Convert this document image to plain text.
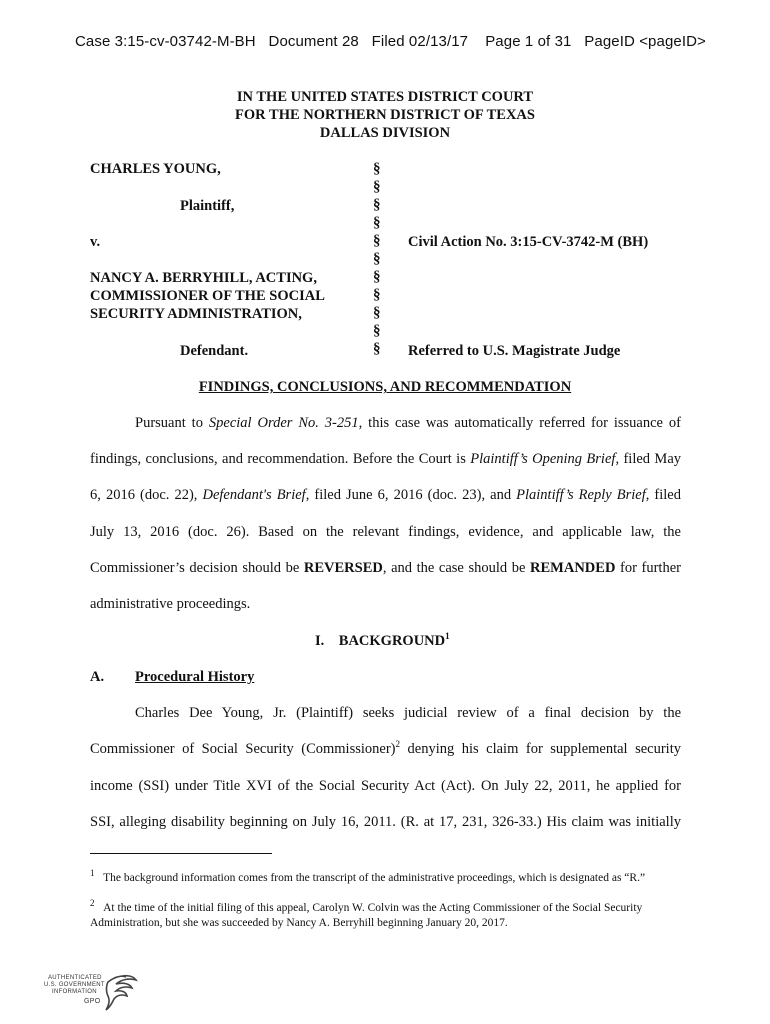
Case 3:15-cv-03742-M-BH Document 28 Filed 02/13/17 Page 1 of 31 PageID <pageID>
IN THE UNITED STATES DISTRICT COURT
FOR THE NORTHERN DISTRICT OF TEXAS
DALLAS DIVISION
CHARLES YOUNG,
Plaintiff,
v.
NANCY A. BERRYHILL, ACTING,
COMMISSIONER OF THE SOCIAL
SECURITY ADMINISTRATION,
Defendant.
§
§
§
§
§
§
§
§
§
§
§
Civil Action No. 3:15-CV-3742-M (BH)
Referred to U.S. Magistrate Judge
FINDINGS, CONCLUSIONS, AND RECOMMENDATION
Pursuant to Special Order No. 3-251, this case was automatically referred for issuance of
findings, conclusions, and recommendation. Before the Court is Plaintiff’s Opening Brief, filed May
6, 2016 (doc. 22), Defendant's Brief, filed June 6, 2016 (doc. 23), and Plaintiff’s Reply Brief, filed
July 13, 2016 (doc. 26). Based on the relevant findings, evidence, and applicable law, the
Commissioner’s decision should be REVERSED, and the case should be REMANDED for further
administrative proceedings.
I. BACKGROUND$^1$
A. Procedural History
Charles Dee Young, Jr. (Plaintiff) seeks judicial review of a final decision by the
Commissioner of Social Security (Commissioner)$^2$ denying his claim for supplemental security
income (SSI) under Title XVI of the Social Security Act (Act). On July 22, 2011, he applied for
SSI, alleging disability beginning on July 16, 2011. (R. at 17, 231, 326-33.) His claim was initially
$^1$ The background information comes from the transcript of the administrative proceedings, which is designated as “R.”
$^2$ At the time of the initial filing of this appeal, Carolyn W. Colvin was the Acting Commissioner of the Social Security
Administration, but she was succeeded by Nancy A. Berryhill beginning January 20, 2017.
AUTHENTICATED
U.S. GOVERNMENT
INFORMATION
GPO
